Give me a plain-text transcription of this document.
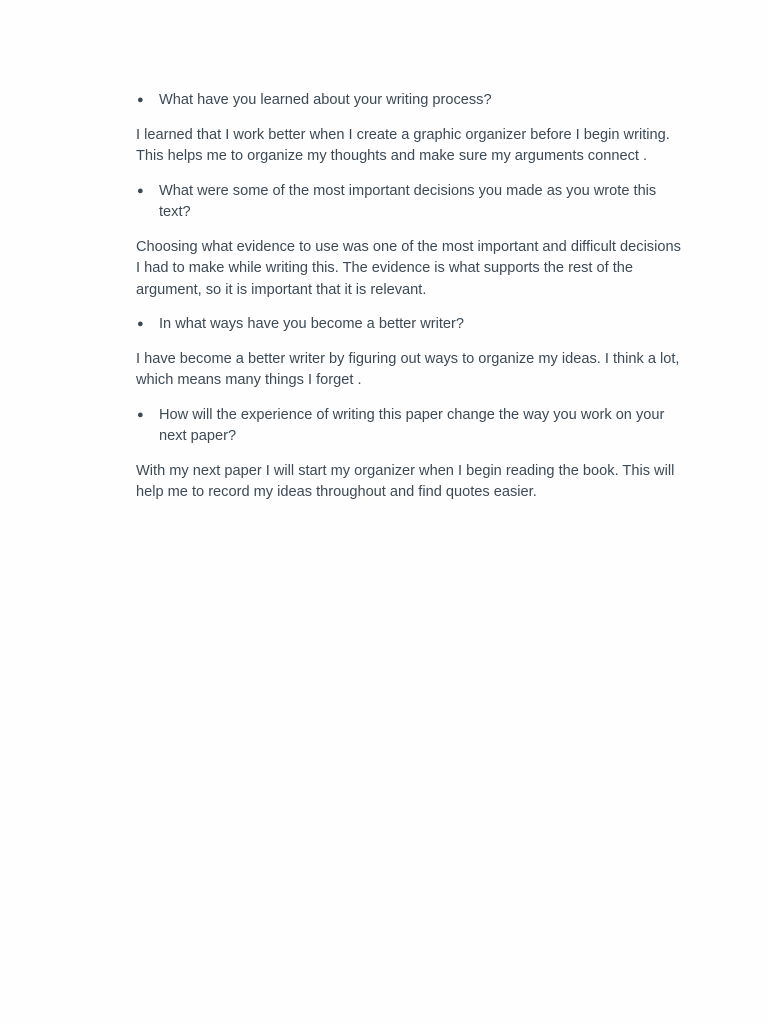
● What have you learned about your writing process?

I learned that I work better when I create a graphic organizer before I begin writing. This helps me to organize my thoughts and make sure my arguments connect .

● What were some of the most important decisions you made as you wrote this text?

Choosing what evidence to use was one of the most important and difficult decisions I had to make while writing this. The evidence is what supports the rest of the argument, so it is important that it is relevant.

● In what ways have you become a better writer?

I have become a better writer by figuring out ways to organize my ideas. I think a lot, which means many things I forget .

● How will the experience of writing this paper change the way you work on your next paper?

With my next paper I will start my organizer when I begin reading the book. This will help me to record my ideas throughout and find quotes easier.
